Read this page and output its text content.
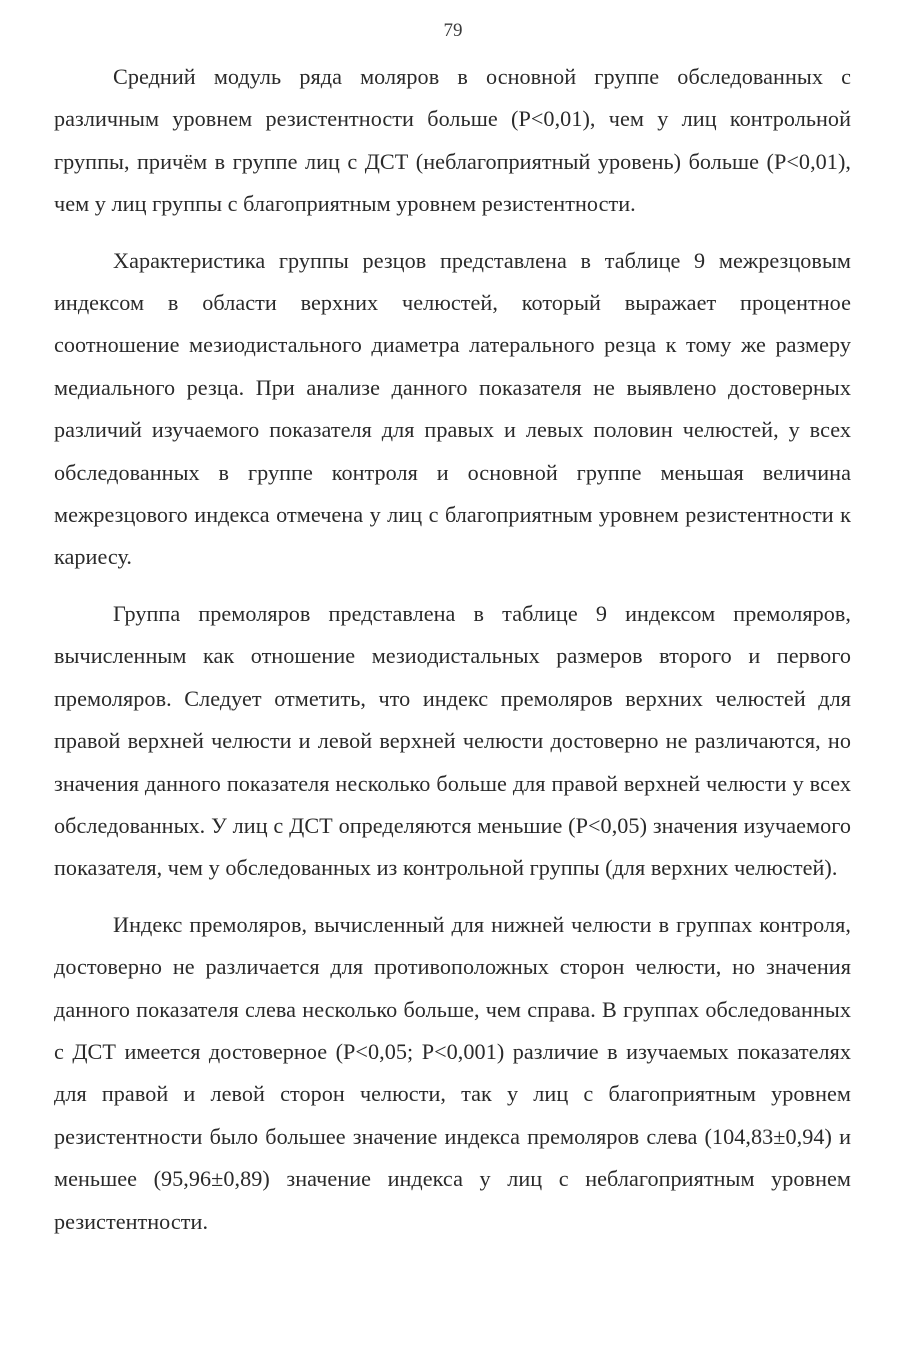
79

Средний модуль ряда моляров в основной группе обследованных с различным уровнем резистентности больше (P<0,01), чем у лиц контрольной группы, причём в группе лиц с ДСТ (неблагоприятный уровень) больше (P<0,01), чем у лиц группы с благоприятным уровнем резистентности.

Характеристика группы резцов представлена в таблице 9 межрезцовым индексом в области верхних челюстей, который выражает процентное соотношение мезиодистального диаметра латерального резца к тому же размеру медиального резца. При анализе данного показателя не выявлено достоверных различий изучаемого показателя для правых и левых половин челюстей, у всех обследованных в группе контроля и основной группе меньшая величина межрезцового индекса отмечена у лиц с благоприятным уровнем резистентности к кариесу.

Группа премоляров представлена в таблице 9 индексом премоляров, вычисленным как отношение мезиодистальных размеров второго и первого премоляров. Следует отметить, что индекс премоляров верхних челюстей для правой верхней челюсти и левой верхней челюсти достоверно не различаются, но значения данного показателя несколько больше для правой верхней челюсти у всех обследованных. У лиц с ДСТ определяются меньшие (P<0,05) значения изучаемого показателя, чем у обследованных из контрольной группы (для верхних челюстей).

Индекс премоляров, вычисленный для нижней челюсти в группах контроля, достоверно не различается для противоположных сторон челюсти, но значения данного показателя слева несколько больше, чем справа. В группах обследованных с ДСТ имеется достоверное (P<0,05; P<0,001) различие в изучаемых показателях для правой и левой сторон челюсти, так у лиц с благоприятным уровнем резистентности было большее значение индекса премоляров слева (104,83±0,94) и меньшее (95,96±0,89) значение индекса у лиц с неблагоприятным уровнем резистентности.
